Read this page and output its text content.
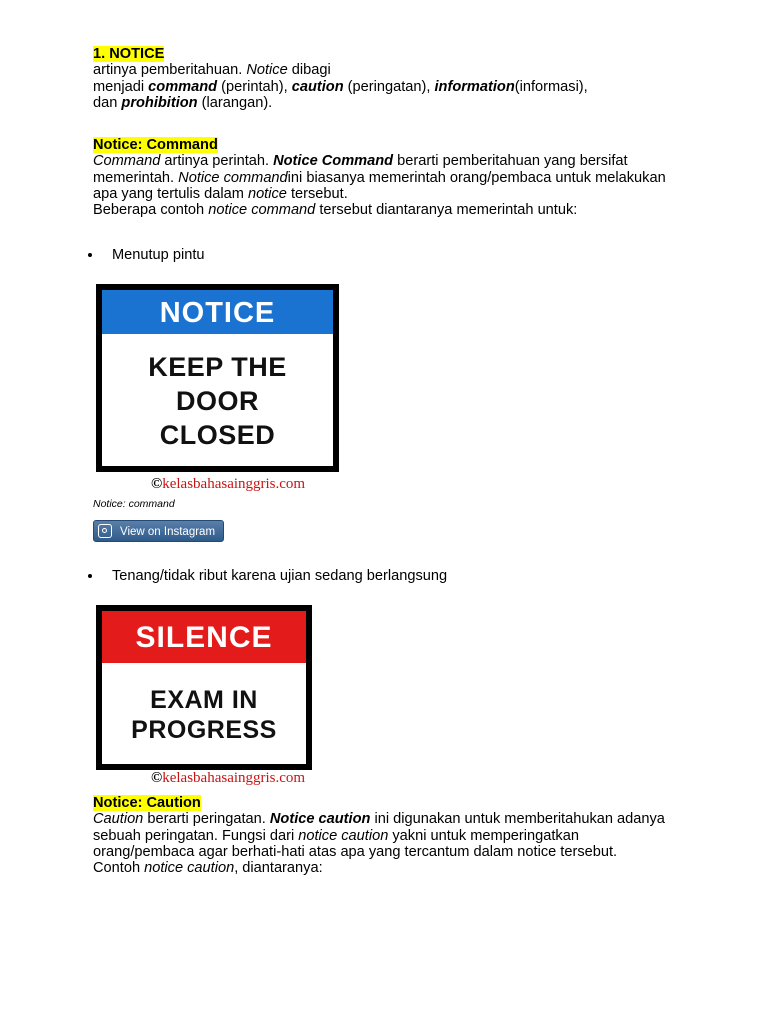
1. NOTICE

artinya pemberitahuan. Notice dibagi

menjadi command (perintah), caution (peringatan), information(informasi),

dan prohibition (larangan).

Notice: Command

Command artinya perintah. Notice Command berarti pemberitahuan yang bersifat

memerintah. Notice commandini biasanya memerintah orang/pembaca untuk melakukan

apa yang tertulis dalam notice tersebut.

Beberapa contoh notice command tersebut diantaranya memerintah untuk:

Menutup pintu
NOTICE
KEEP THE
DOOR
CLOSED
©kelasbahasainggris.com
Notice: command
View on Instagram
Tenang/tidak ribut karena ujian sedang berlangsung
SILENCE
EXAM IN
PROGRESS
©kelasbahasainggris.com

Notice: Caution

Caution berarti peringatan. Notice caution ini digunakan untuk memberitahukan adanya

sebuah peringatan. Fungsi dari notice caution yakni untuk memperingatkan

orang/pembaca agar berhati-hati atas apa yang tercantum dalam notice tersebut.

Contoh notice caution, diantaranya:
